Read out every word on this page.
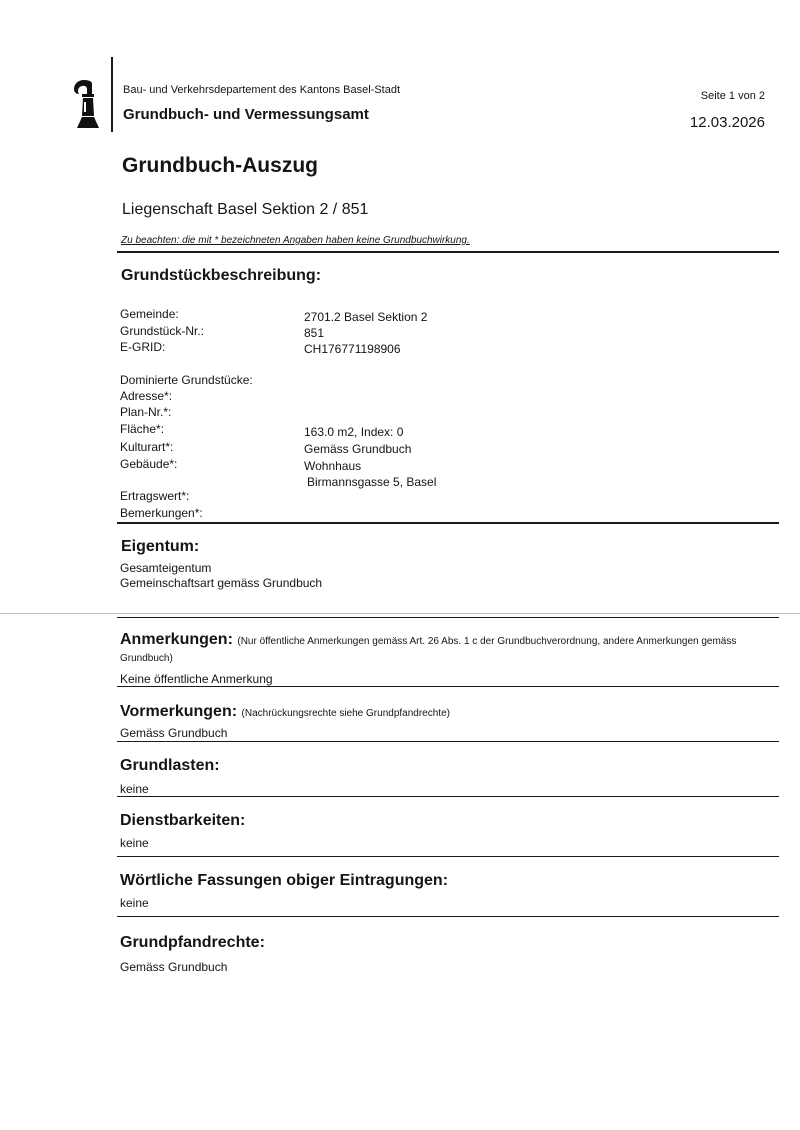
Bau- und Verkehrsdepartement des Kantons Basel-Stadt
Grundbuch- und Vermessungsamt
Seite 1 von 2
12.03.2026
Grundbuch-Auszug
Liegenschaft Basel Sektion 2 / 851
Zu beachten: die mit * bezeichneten Angaben haben keine Grundbuchwirkung.
Grundstückbeschreibung:
Gemeinde:	2701.2 Basel Sektion 2
Grundstück-Nr.:	851
E-GRID:	CH176771198906
Dominierte Grundstücke:
Adresse*:
Plan-Nr.*:
Fläche*:	163.0 m2, Index: 0
Kulturart*:	Gemäss Grundbuch
Gebäude*:	Wohnhaus
Birmannsgasse 5, Basel
Ertragswert*:
Bemerkungen*:
Eigentum:
Gesamteigentum
Gemeinschaftsart gemäss Grundbuch
Anmerkungen: (Nur öffentliche Anmerkungen gemäss Art. 26 Abs. 1 c der Grundbuchverordnung, andere Anmerkungen gemäss Grundbuch)
Keine öffentliche Anmerkung
Vormerkungen: (Nachrückungsrechte siehe Grundpfandrechte)
Gemäss Grundbuch
Grundlasten:
keine
Dienstbarkeiten:
keine
Wörtliche Fassungen obiger Eintragungen:
keine
Grundpfandrechte:
Gemäss Grundbuch
